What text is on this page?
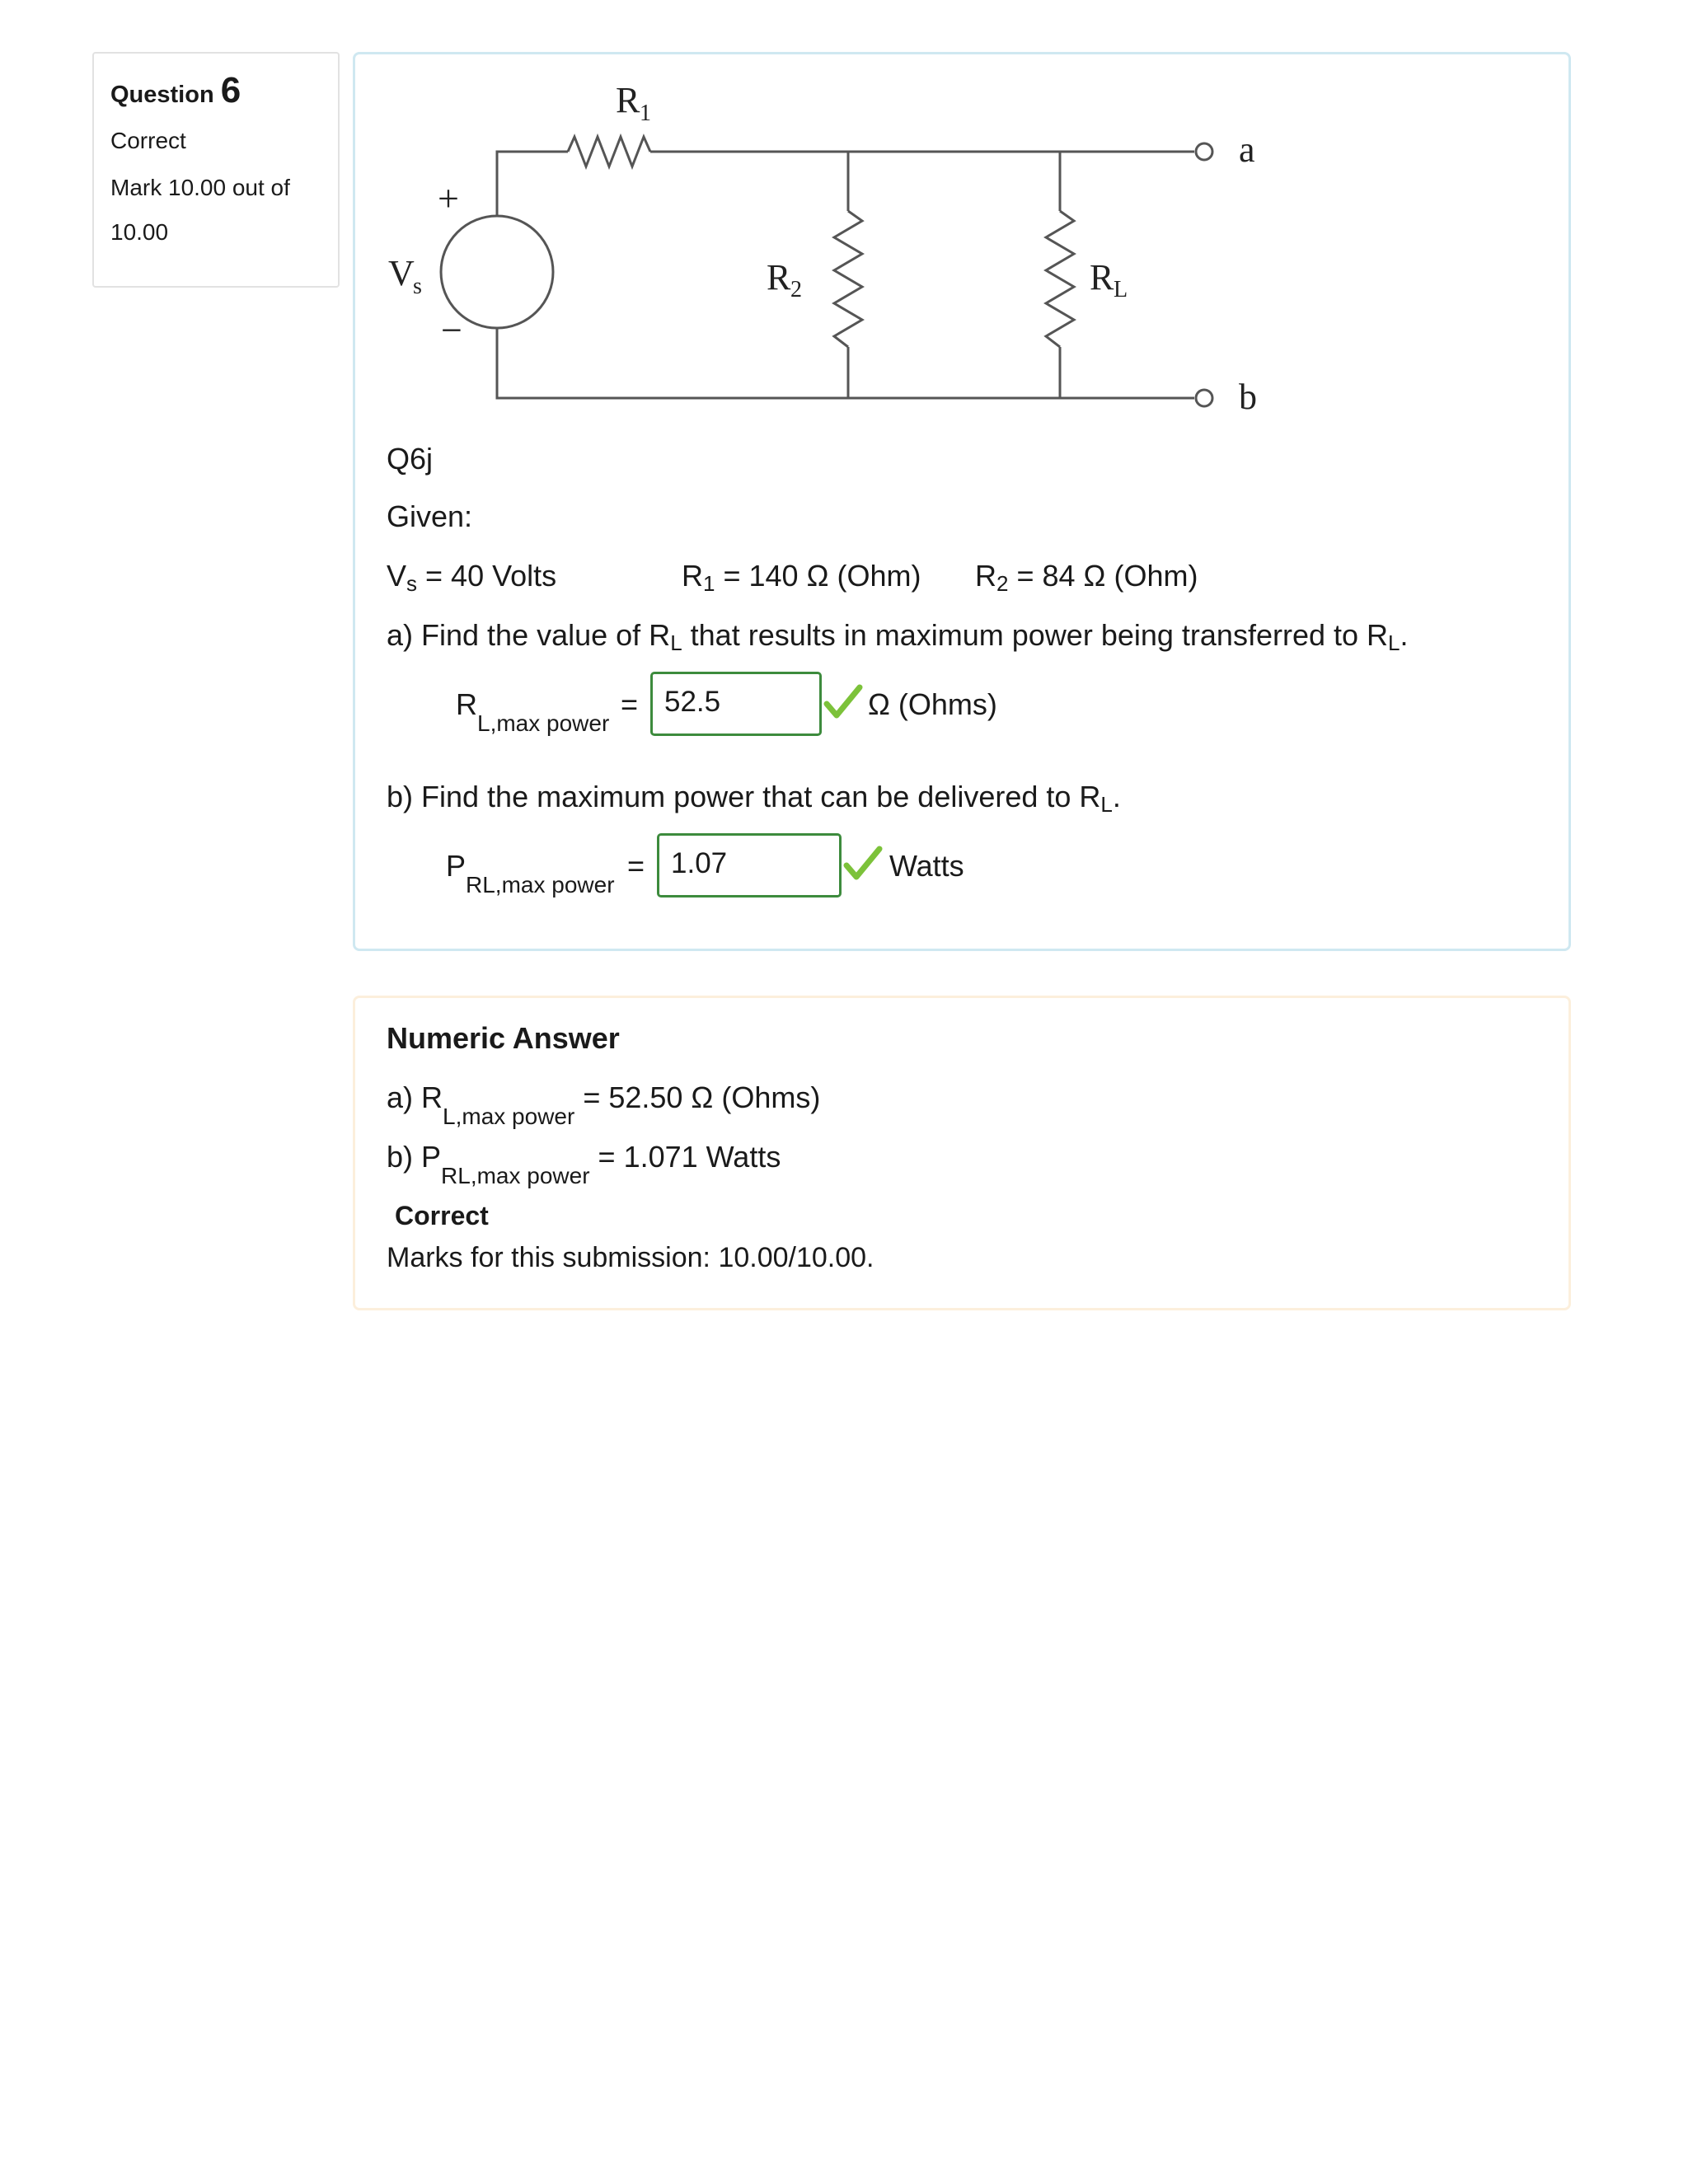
Question 6
Correct
Mark 10.00 out of 10.00
R 1
R 2	R L
V
s
+
−
a
b
Q6j
Given:
$V_s = 40$ Volts	$R_1 = 140$ Ω (Ohm) $R_2 = 84$ Ω (Ohm)
a) Find the value of $R_L$ that results in maximum power being transferred to $R_L$.
$R_{L,max power}$
= 52.5	Ω (Ohms)
b) Find the maximum power that can be delivered to $R_L$.
$P_{RL,max power}$
= 1.07	Watts
Numeric Answer
a) $R_{L,max power} = 52.50$ Ω (Ohms)
b) $P_{RL,max power} = 1.071$ Watts
Correct
Marks for this submission: 10.00/10.00.
